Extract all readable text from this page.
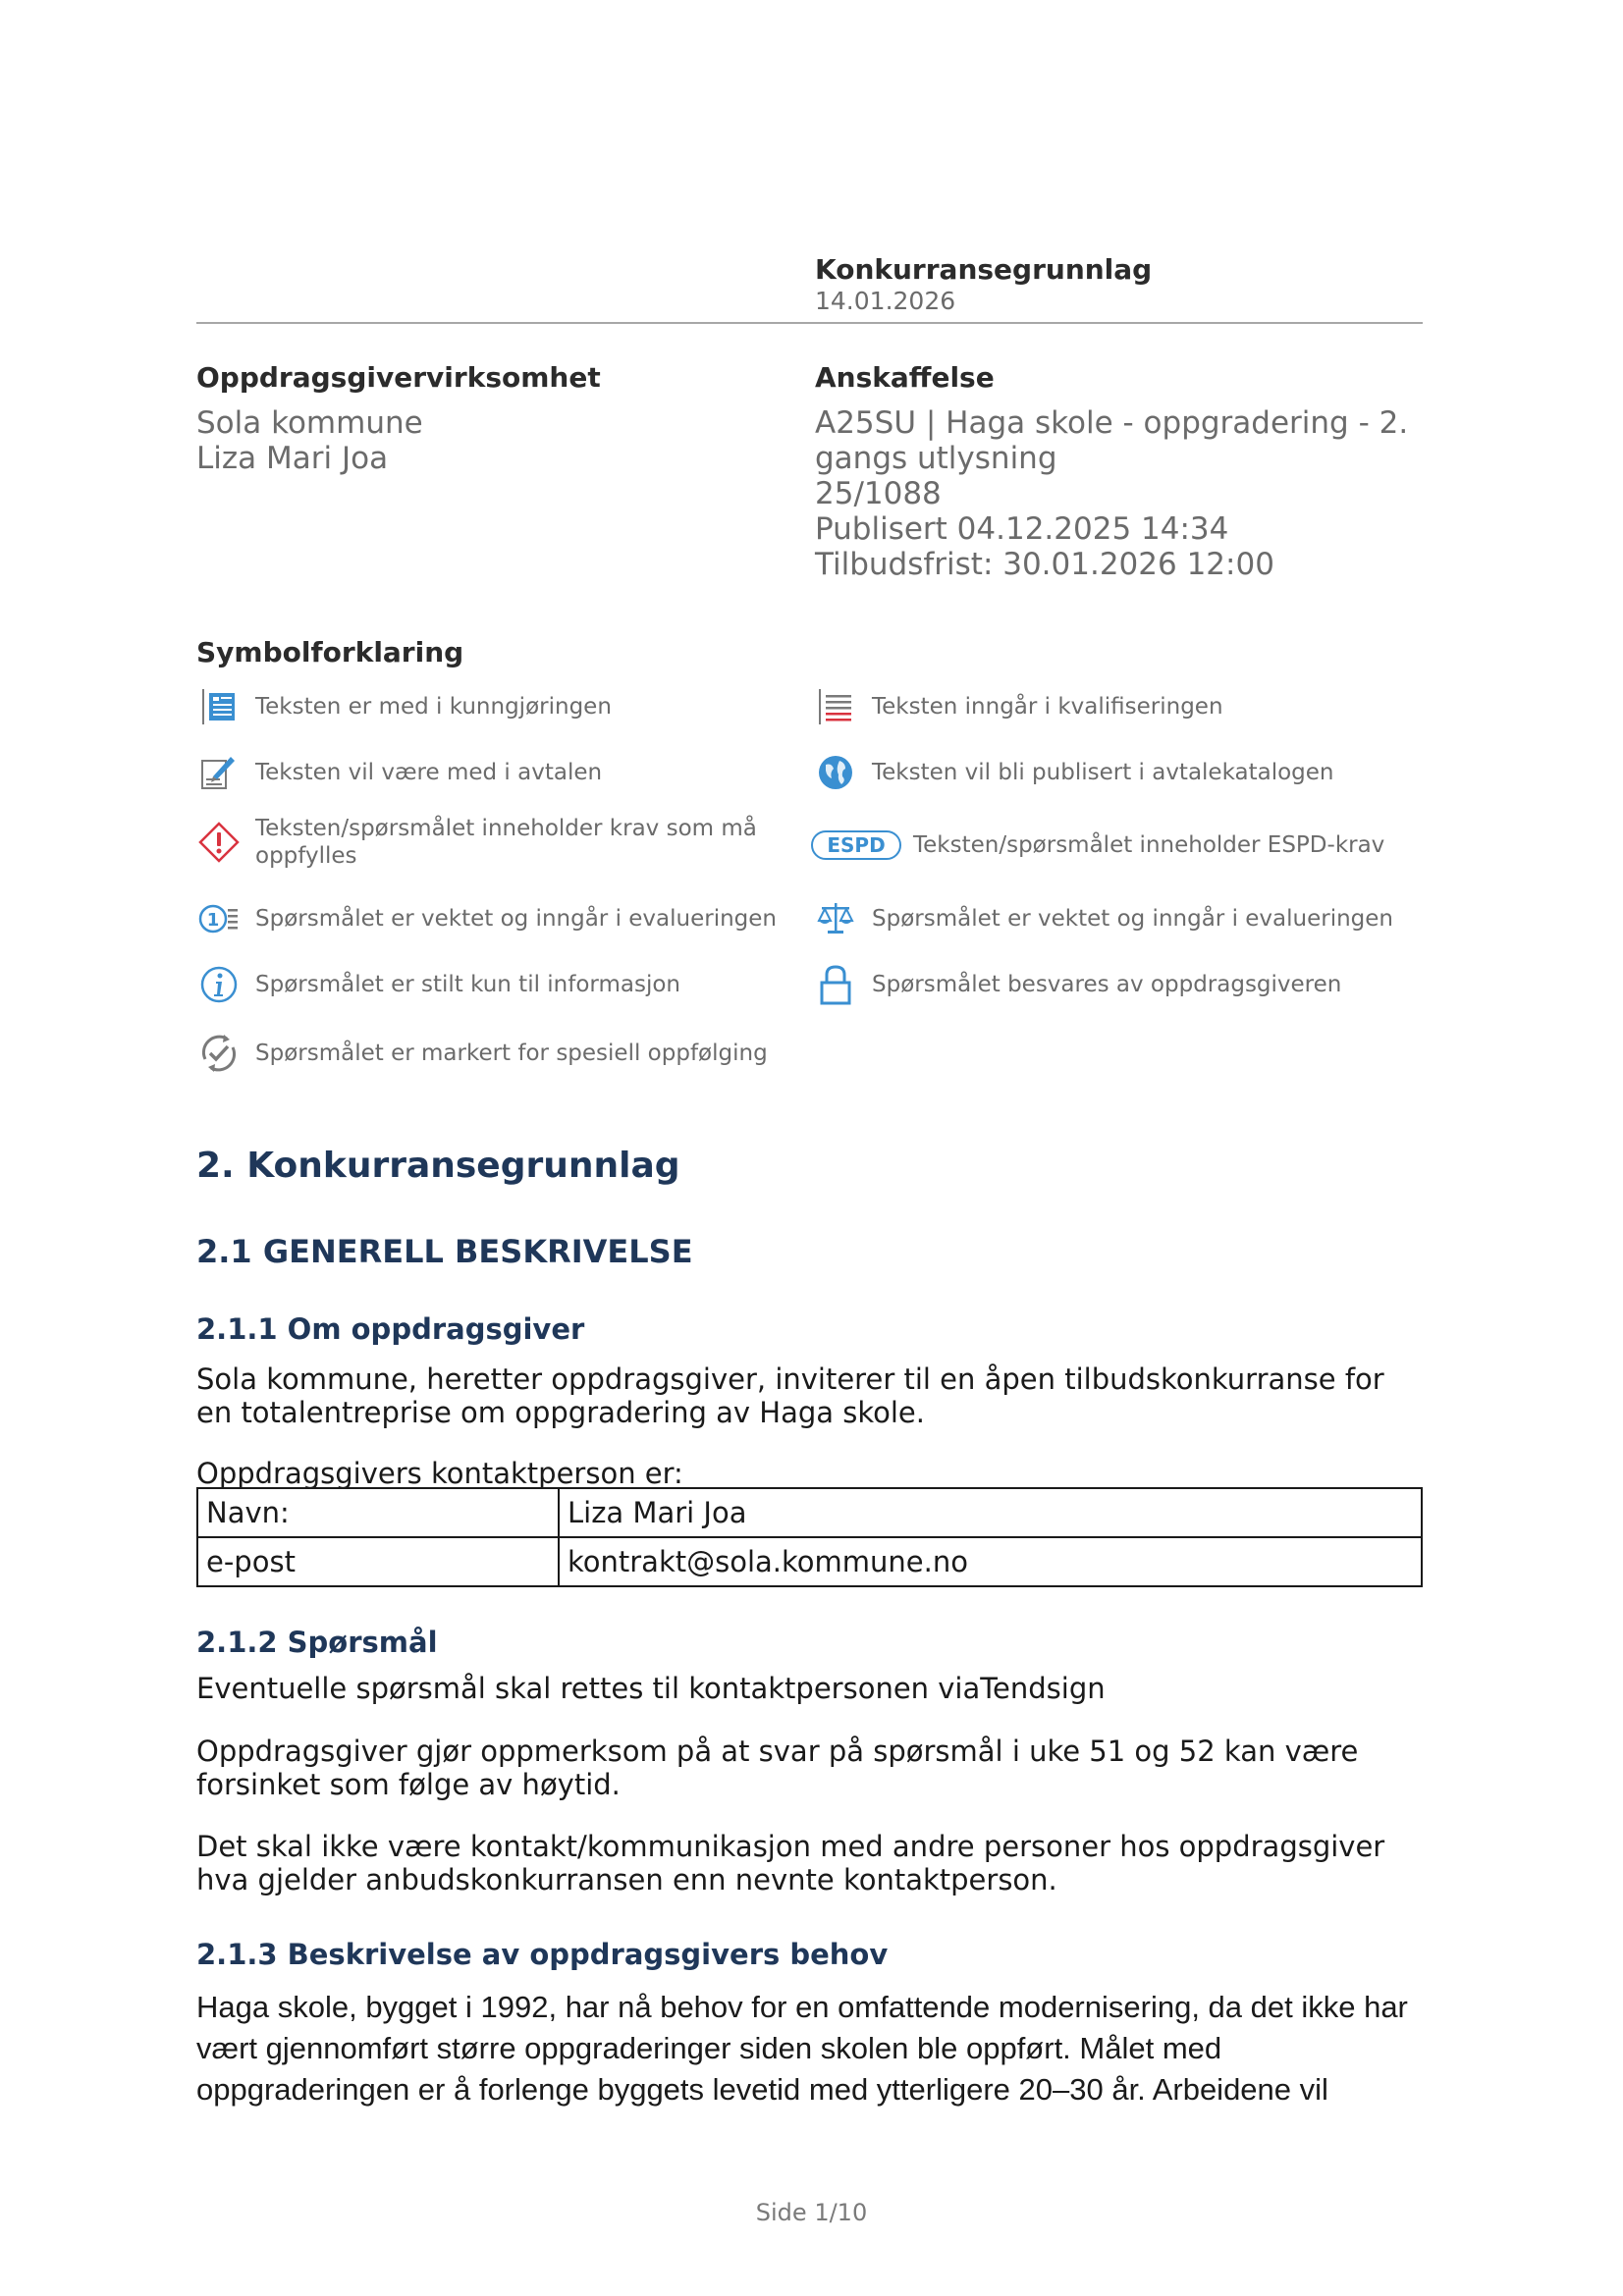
Konkurransegrunnlag
14.01.2026
Oppdragsgivervirksomhet
Sola kommune
Liza Mari Joa
Anskaffelse
A25SU | Haga skole - oppgradering - 2.
gangs utlysning
25/1088
Publisert 04.12.2025 14:34
Tilbudsfrist: 30.01.2026 12:00
Symbolforklaring
Teksten er med i kunngjøringen	Teksten inngår i kvalifiseringen
Teksten vil være med i avtalen	Teksten vil bli publisert i avtalekatalogen
Teksten/spørsmålet inneholder krav som må oppfylles	ESPD	Teksten/spørsmålet inneholder ESPD-krav
1 Spørsmålet er vektet og inngår i evalueringen	Spørsmålet er vektet og inngår i evalueringen
Spørsmålet er stilt kun til informasjon	Spørsmålet besvares av oppdragsgiveren
Spørsmålet er markert for spesiell oppfølging
2. Konkurransegrunnlag
2.1 GENERELL BESKRIVELSE
2.1.1 Om oppdragsgiver
Sola kommune, heretter oppdragsgiver, inviterer til en åpen tilbudskonkurranse for en totalentreprise om oppgradering av Haga skole.
Oppdragsgivers kontaktperson er:
Navn:	Liza Mari Joa
e-post	kontrakt@sola.kommune.no
2.1.2 Spørsmål
Eventuelle spørsmål skal rettes til kontaktpersonen viaTendsign
Oppdragsgiver gjør oppmerksom på at svar på spørsmål i uke 51 og 52 kan være forsinket som følge av høytid.
Det skal ikke være kontakt/kommunikasjon med andre personer hos oppdragsgiver hva gjelder anbudskonkurransen enn nevnte kontaktperson.
2.1.3 Beskrivelse av oppdragsgivers behov
Haga skole, bygget i 1992, har nå behov for en omfattende modernisering, da det ikke har vært gjennomført større oppgraderinger siden skolen ble oppført. Målet med oppgraderingen er å forlenge byggets levetid med ytterligere 20–30 år. Arbeidene vil
Side 1/10
